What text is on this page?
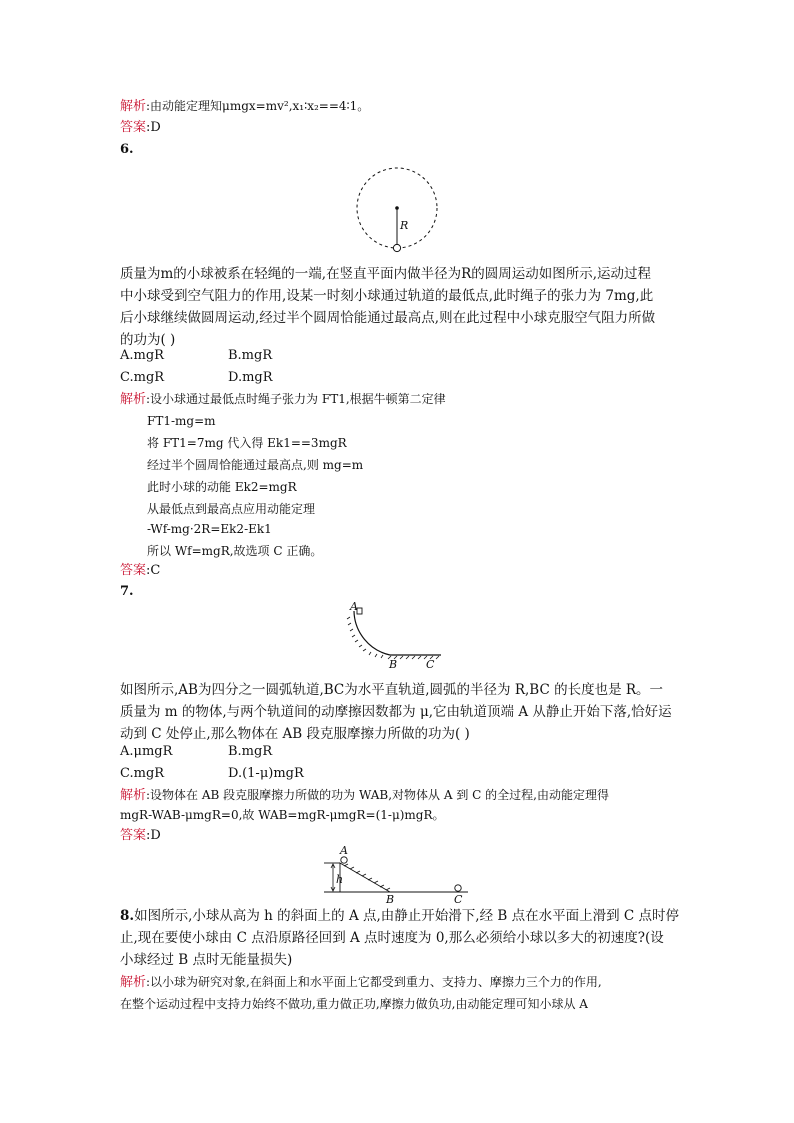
解析:由动能定理知μmgx=mv²,x₁∶x₂==4∶1。
答案:D
6.
R
质量为m的小球被系在轻绳的一端,在竖直平面内做半径为R的圆周运动如图所示,运动过程
中小球受到空气阻力的作用,设某一时刻小球通过轨道的最低点,此时绳子的张力为 7mg,此
后小球继续做圆周运动,经过半个圆周恰能通过最高点,则在此过程中小球克服空气阻力所做
的功为( )
A.mgR	B.mgR
C.mgR	D.mgR
解析:设小球通过最低点时绳子张力为 FT1,根据牛顿第二定律
FT1-mg=m
将 FT1=7mg 代入得 Ek1==3mgR
经过半个圆周恰能通过最高点,则 mg=m
此时小球的动能 Ek2=mgR
从最低点到最高点应用动能定理
-Wf-mg·2R=Ek2-Ek1
所以 Wf=mgR,故选项 C 正确。
答案:C
7.
A
B	C
如图所示,AB为四分之一圆弧轨道,BC为水平直轨道,圆弧的半径为 R,BC 的长度也是 R。一
质量为 m 的物体,与两个轨道间的动摩擦因数都为 μ,它由轨道顶端 A 从静止开始下落,恰好运
动到 C 处停止,那么物体在 AB 段克服摩擦力所做的功为( )
A.μmgR	B.mgR
C.mgR	D.(1-μ)mgR
解析:设物体在 AB 段克服摩擦力所做的功为 WAB,对物体从 A 到 C 的全过程,由动能定理得
mgR-WAB-μmgR=0,故 WAB=mgR-μmgR=(1-μ)mgR。
答案:D
A
h
B	C
8.如图所示,小球从高为 h 的斜面上的 A 点,由静止开始滑下,经 B 点在水平面上滑到 C 点时停
止,现在要使小球由 C 点沿原路径回到 A 点时速度为 0,那么必须给小球以多大的初速度?(设
小球经过 B 点时无能量损失)
解析:以小球为研究对象,在斜面上和水平面上它都受到重力、支持力、摩擦力三个力的作用,
在整个运动过程中支持力始终不做功,重力做正功,摩擦力做负功,由动能定理可知小球从 A
